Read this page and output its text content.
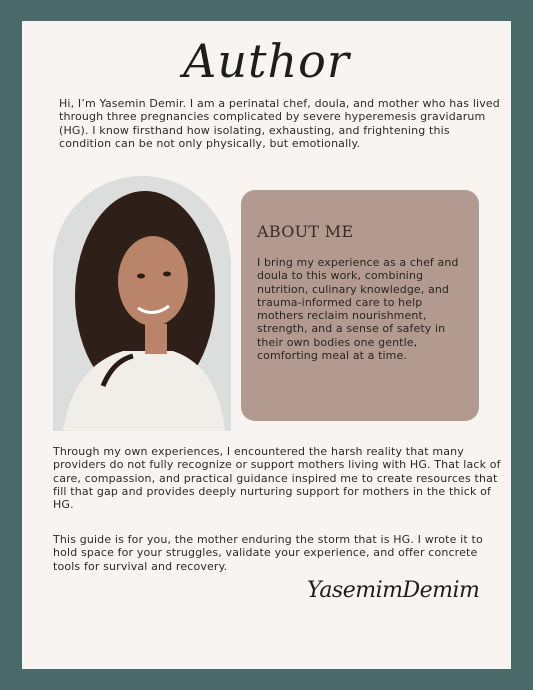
Author
Hi, I’m Yasemin Demir. I am a perinatal chef, doula, and mother who has lived through three pregnancies complicated by severe hyperemesis gravidarum (HG). I know firsthand how isolating, exhausting, and frightening this condition can be not only physically, but emotionally.
ABOUT ME
I bring my experience as a chef and doula to this work, combining nutrition, culinary knowledge, and trauma-informed care to help mothers reclaim nourishment, strength, and a sense of safety in their own bodies one gentle, comforting meal at a time.
Through my own experiences, I encountered the harsh reality that many providers do not fully recognize or support mothers living with HG. That lack of care, compassion, and practical guidance inspired me to create resources that fill that gap and provides deeply nurturing support for mothers in the thick of HG.
This guide is for you, the mother enduring the storm that is HG. I wrote it to hold space for your struggles, validate your experience, and offer concrete tools for survival and recovery.
YasemimDemim
